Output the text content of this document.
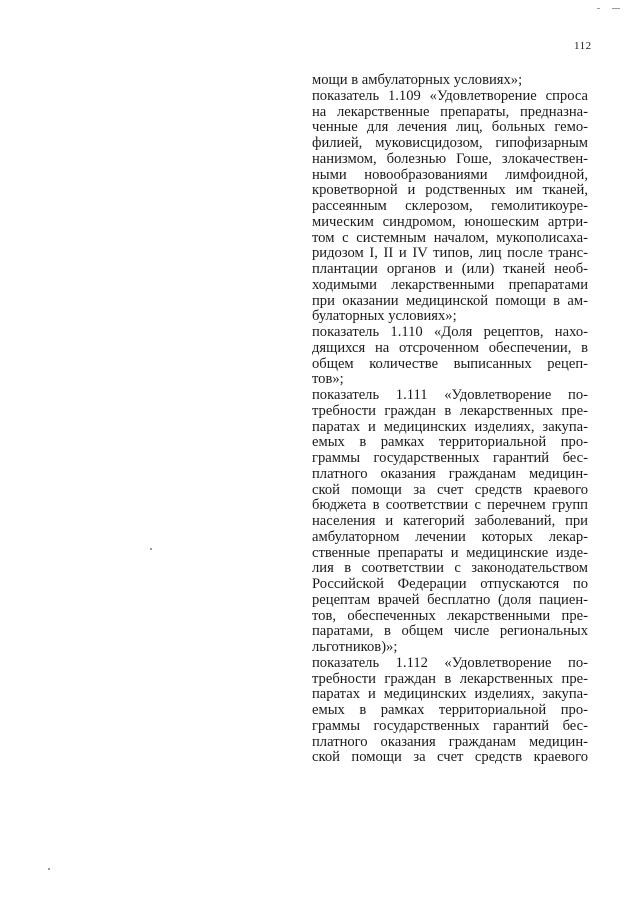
112
мощи в амбулаторных условиях»;
показатель 1.109 «Удовлетворение спроса
на лекарственные препараты, предназна-
ченные для лечения лиц, больных гемо-
филией, муковисцидозом, гипофизарным
нанизмом, болезнью Гоше, злокачествен-
ными новообразованиями лимфоидной,
кроветворной и родственных им тканей,
рассеянным склерозом, гемолитикоуре-
мическим синдромом, юношеским артри-
том с системным началом, мукополисаха-
ридозом I, II и IV типов, лиц после транс-
плантации органов и (или) тканей необ-
ходимыми лекарственными препаратами
при оказании медицинской помощи в ам-
булаторных условиях»;
показатель 1.110 «Доля рецептов, нахо-
дящихся на отсроченном обеспечении, в
общем количестве выписанных рецеп-
тов»;
показатель 1.111 «Удовлетворение по-
требности граждан в лекарственных пре-
паратах и медицинских изделиях, закупа-
емых в рамках территориальной про-
граммы государственных гарантий бес-
платного оказания гражданам медицин-
ской помощи за счет средств краевого
бюджета в соответствии с перечнем групп
населения и категорий заболеваний, при
амбулаторном лечении которых лекар-
ственные препараты и медицинские изде-
лия в соответствии с законодательством
Российской Федерации отпускаются по
рецептам врачей бесплатно (доля пациен-
тов, обеспеченных лекарственными пре-
паратами, в общем числе региональных
льготников)»;
показатель 1.112 «Удовлетворение по-
требности граждан в лекарственных пре-
паратах и медицинских изделиях, закупа-
емых в рамках территориальной про-
граммы государственных гарантий бес-
платного оказания гражданам медицин-
ской помощи за счет средств краевого
